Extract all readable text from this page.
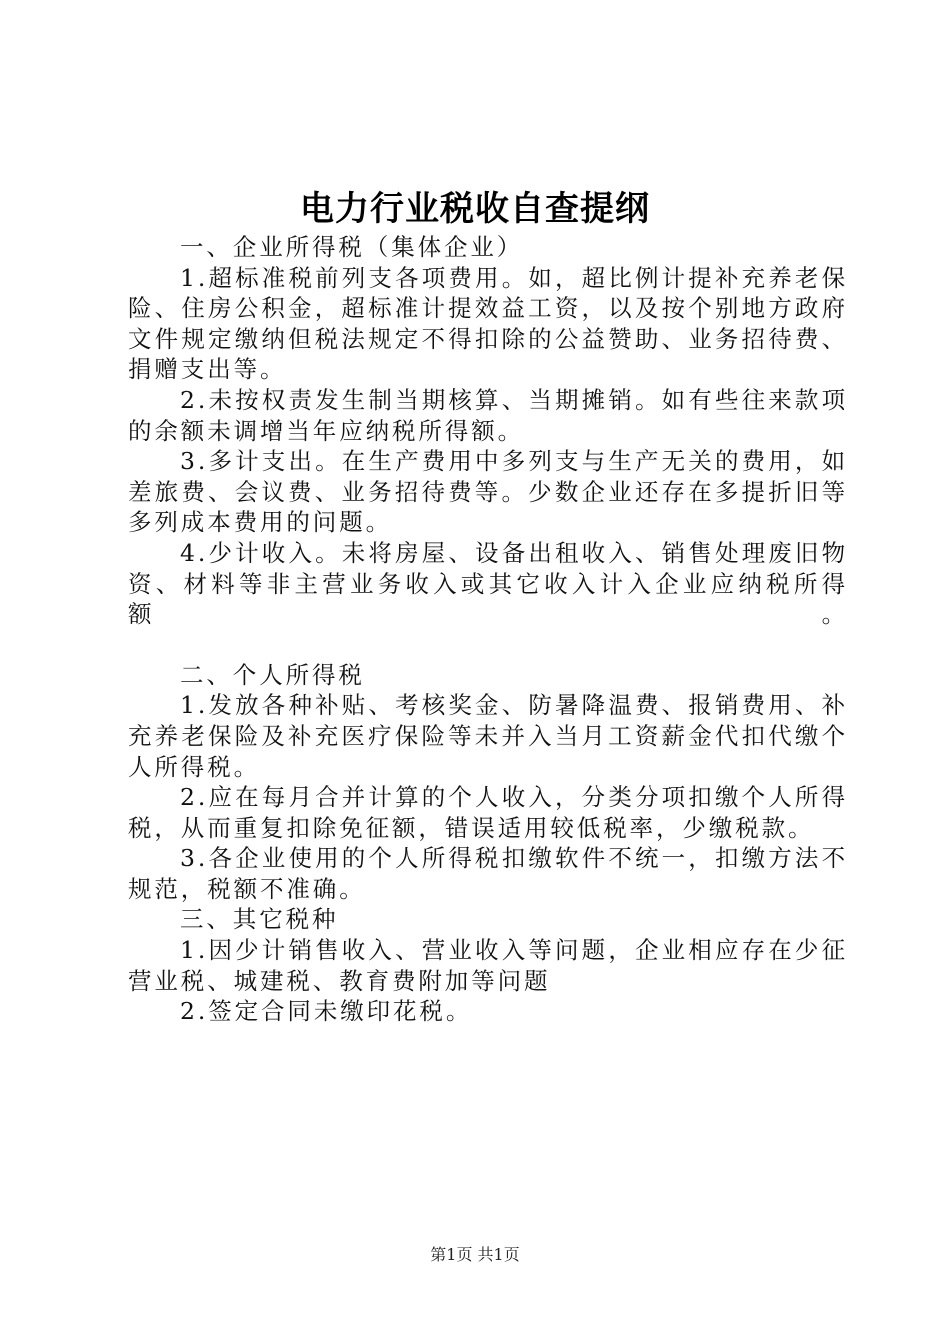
电力行业税收自查提纲

一、企业所得税（集体企业）

1.超标准税前列支各项费用。如，超比例计提补充养老保险、住房公积金，超标准计提效益工资，以及按个别地方政府文件规定缴纳但税法规定不得扣除的公益赞助、业务招待费、捐赠支出等。

2.未按权责发生制当期核算、当期摊销。如有些往来款项的余额未调增当年应纳税所得额。

3.多计支出。在生产费用中多列支与生产无关的费用，如差旅费、会议费、业务招待费等。少数企业还存在多提折旧等多列成本费用的问题。

4.少计收入。未将房屋、设备出租收入、销售处理废旧物资、材料等非主营业务收入或其它收入计入企业应纳税所得额。

二、个人所得税

1.发放各种补贴、考核奖金、防暑降温费、报销费用、补充养老保险及补充医疗保险等未并入当月工资薪金代扣代缴个人所得税。

2.应在每月合并计算的个人收入，分类分项扣缴个人所得税，从而重复扣除免征额，错误适用较低税率，少缴税款。

3.各企业使用的个人所得税扣缴软件不统一，扣缴方法不规范，税额不准确。

三、其它税种

1.因少计销售收入、营业收入等问题，企业相应存在少征营业税、城建税、教育费附加等问题

2.签定合同未缴印花税。

第1页 共1页
